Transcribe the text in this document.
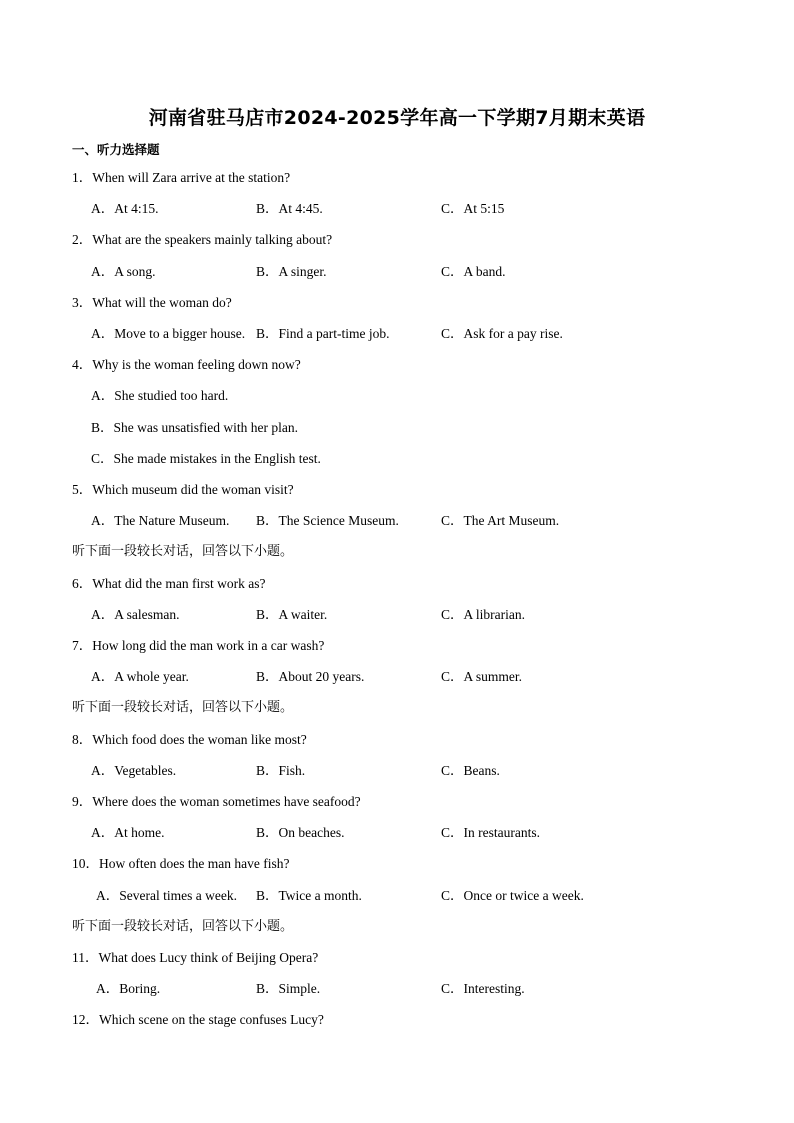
河南省驻马店市2024-2025学年高一下学期7月期末英语
一、听力选择题
1．When will Zara arrive at the station?
A．At 4:15.	B．At 4:45.	C．At 5:15
2．What are the speakers mainly talking about?
A．A song.	B．A singer.	C．A band.
3．What will the woman do?
A．Move to a bigger house. B．Find a part-time job.	C．Ask for a pay rise.
4．Why is the woman feeling down now?
A．She studied too hard.
B．She was unsatisfied with her plan.
C．She made mistakes in the English test.
5．Which museum did the woman visit?
A．The Nature Museum. B．The Science Museum.	C．The Art Museum.
听下面一段较长对话，回答以下小题。
6．What did the man first work as?
A．A salesman.	B．A waiter.	C．A librarian.
7．How long did the man work in a car wash?
A．A whole year.	B．About 20 years.	C．A summer.
听下面一段较长对话，回答以下小题。
8．Which food does the woman like most?
A．Vegetables.	B．Fish.	C．Beans.
9．Where does the woman sometimes have seafood?
A．At home.	B．On beaches.	C．In restaurants.
10．How often does the man have fish?
A．Several times a week. B．Twice a month.	C．Once or twice a week.
听下面一段较长对话，回答以下小题。
11．What does Lucy think of Beijing Opera?
A．Boring.	B．Simple.	C．Interesting.
12．Which scene on the stage confuses Lucy?
